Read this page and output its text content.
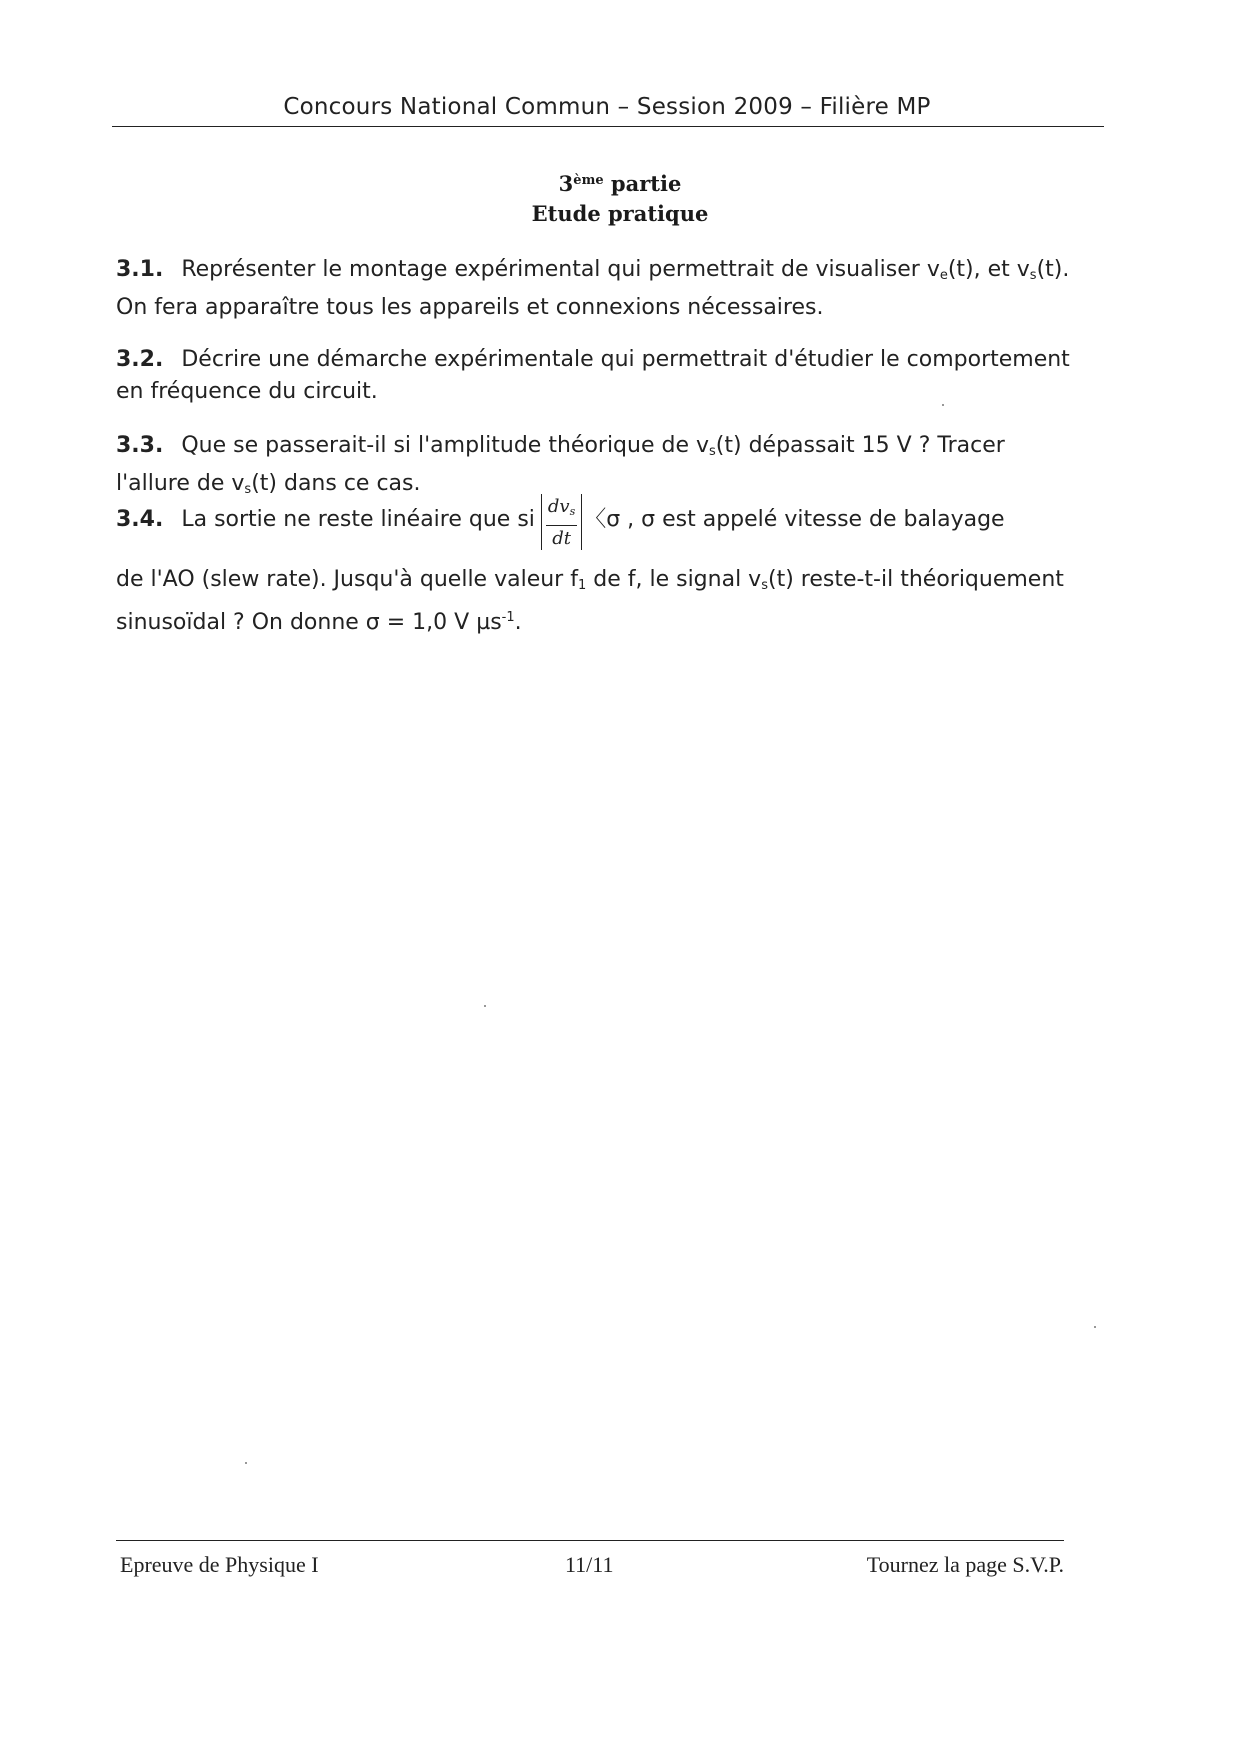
Concours National Commun – Session 2009 – Filière MP
3ème partie
Etude pratique
3.1. Représenter le montage expérimental qui permettrait de visualiser $v_e(t)$, et $v_s(t)$. On fera apparaître tous les appareils et connexions nécessaires.
3.2. Décrire une démarche expérimentale qui permettrait d'étudier le comportement en fréquence du circuit.
3.3. Que se passerait-il si l'amplitude théorique de $v_s(t)$ dépassait 15 V ? Tracer l'allure de $v_s(t)$ dans ce cas.
3.4. La sortie ne reste linéaire que si $\frac{dv_s}{dt}$ 〈σ , σ est appelé vitesse de balayage
de l'AO (slew rate). Jusqu'à quelle valeur $f_1$ de f, le signal $v_s(t)$ reste-t-il théoriquement sinusoïdal ? On donne σ = 1,0 V µs$^{-1}$.
Epreuve de Physique I	11/11	Tournez la page S.V.P.
